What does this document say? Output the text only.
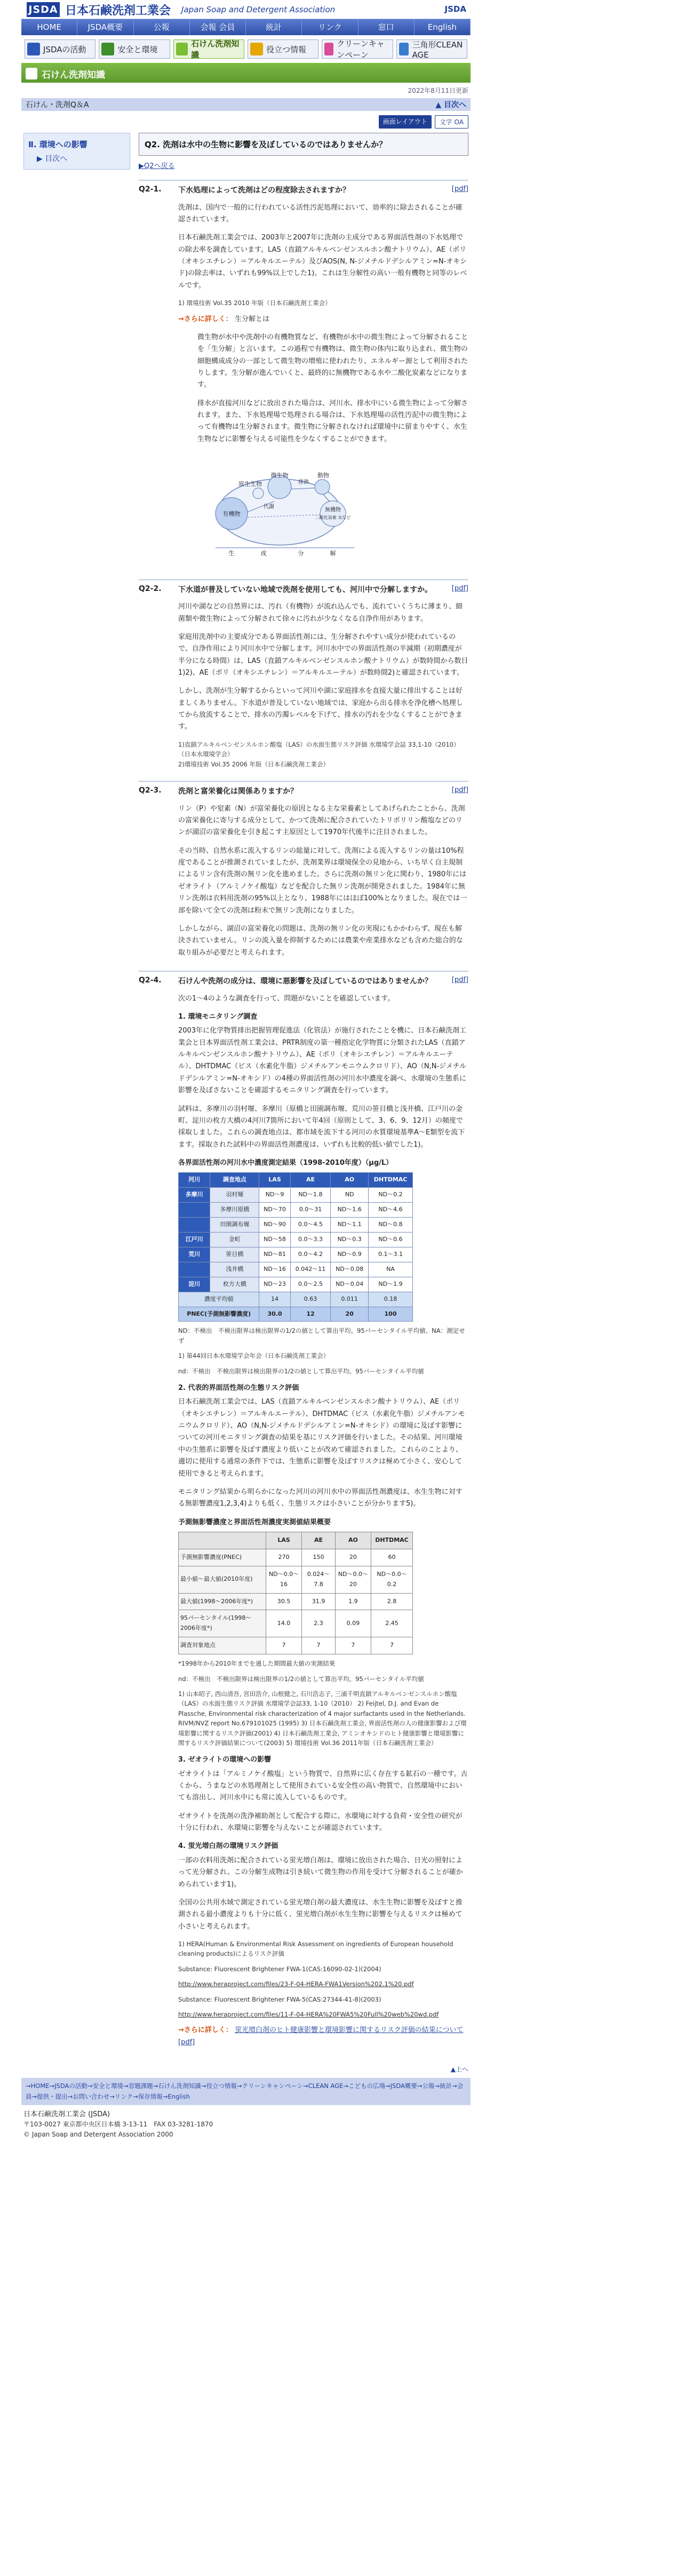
JSDA 日本石鹸洗剤工業会 Japan Soap and Detergent Association	JSDA
HOME	JSDA概要	公報	会報 会員	統計	リンク	窓口	English
JSDAの活動	安全と環境
石けん洗剤知識
役立つ情報
クリーンキャンペーン
三角形CLEAN AGE
石けん洗剤知識
2022年8月11日更新
石けん・洗剤Q＆A	▲ 目次へ
画面レイアウト	文字 OA
Ⅱ. 環境への影響
▶ 目次へ
Q2. 洗剤は水中の生物に影響を及ぼしているのではありませんか？
▶Q2へ戻る
Q2-1.	下水処理によって洗剤はどの程度除去されますか？	[pdf]

洗剤は、国内で一般的に行われている活性汚泥処理において、効率的に除去されることが確認されています。

日本石鹸洗剤工業会では、2003年と2007年に洗剤の主成分である界面活性剤の下水処理での除去率を調査しています。LAS（直鎖アルキルベンゼンスルホン酸ナトリウム）、AE（ポリ（オキシエチレン）＝アルキルエーテル）及びAOS(N, N-ジメチルドデシルアミン=N-オキシド)の除去率は、いずれも99%以上でした1)。これは生分解性の高い一般有機物と同等のレベルです。

1) 環境技術 Vol.35 2010 年版（日本石鹸洗剤工業会）

→さらに詳しく： 生分解とは

微生物が水中や洗剤中の有機物質など、有機物が水中の微生物によって分解されることを「生分解」と言います。この過程で有機物は、微生物の体内に取り込まれ、微生物の細胞構成成分の一部として微生物の増殖に使われたり、エネルギー源として利用されたりします。生分解が進んでいくと、最終的に無機物である水や二酸化炭素などになります。

排水が直接河川などに放出された場合は、河川水、排水中にいる微生物によって分解されます。また、下水処理場で処理される場合は、下水処理場の活性汚泥中の微生物によって有機物は生分解されます。微生物に分解されなければ環境中に留まりやすく、水生生物などに影響を与える可能性を少なくすることができます。

微生物
原生生物
動物
排泄
代謝
有機物
無機物
二酸化炭素 水など
生	成	分	解
Q2-2.	下水道が普及していない地域で洗剤を使用しても、河川中で分解しますか。	[pdf]

河川や湖などの自然界には、汚れ（有機物）が流れ込んでも、流れていくうちに薄まり、細菌類や微生物によって分解されて徐々に汚れが少なくなる自浄作用があります。

家庭用洗剤中の主要成分である界面活性剤には、生分解されやすい成分が使われているので、自浄作用により河川水中で分解します。河川水中での界面活性剤の半減期（初期濃度が半分になる時間）は、LAS（直鎖アルキルベンゼンスルホン酸ナトリウム）が数時間から数日1)2)、AE（ポリ（オキシエチレン）＝アルキルエーテル）が数時間2)と確認されています。

しかし、洗剤が生分解するからといって河川や湖に家庭排水を直接大量に排出することは好ましくありません。下水道が普及していない地域では、家庭から出る排水を浄化槽へ処理してから放流することで、排水の汚濁レベルを下げて、排水の汚れを少なくすることができます。

1)直鎖アルキルベンゼンスルホン酸塩（LAS）の水面生態リスク評価 水環境学会誌 33,1-10（2010）（日本水環境学会）
2)環境技術 Vol.35 2006 年版（日本石鹸洗剤工業会）
Q2-3.	洗剤と富栄養化は関係ありますか？	[pdf]

リン（P）や窒素（N）が富栄養化の原因となる主な栄養素としてあげられたことから、洗剤の富栄養化に寄与する成分として、かつて洗剤に配合されていたトリポリリン酸塩などのリンが湖沼の富栄養化を引き起こす主原因として1970年代後半に注目されました。

その当時、自然水系に流入するリンの総量に対して、洗剤による流入するリンの量は10%程度であることが推測されていましたが、洗剤業界は環境保全の見地から、いち早く自主規制によるリン含有洗剤の無リン化を進めました。さらに洗剤の無リン化に関わり、1980年にはゼオライト（アルミノケイ酸塩）などを配合した無リン洗剤が開発されました。1984年に無リン洗剤は衣料用洗剤の95%以上となり、1988年にはほぼ100%となりました。現在では一部を除いて全ての洗剤は粉末で無リン洗剤になりました。

しかしながら、湖沼の富栄養化の問題は、洗剤の無リン化の実現にもかかわらず、現在も解決されていません。リンの流入量を抑制するためには農業や産業排水なども含めた総合的な取り組みが必要だと考えられます。

Q2-4.	石けんや洗剤の成分は、環境に悪影響を及ぼしているのではありませんか？	[pdf]

次の1〜4のような調査を行って、問題がないことを確認しています。

1. 環境モニタリング調査

2003年に化学物質排出把握管理促進法（化管法）が施行されたことを機に、日本石鹸洗剤工業会と日本界面活性剤工業会は、PRTR制度の第一種指定化学物質に分類されたLAS（直鎖アルキルベンゼンスルホン酸ナトリウム）、AE（ポリ（オキシエチレン）＝アルキルエーテル）、DHTDMAC（ビス（水素化牛脂）ジメチルアンモニウムクロリド）、AO（N,N-ジメチルドデシルアミン=N-オキシド）の4種の界面活性剤の河川水中濃度を調べ、水環境の生態系に影響を及ぼさないことを確認するモニタリング調査を行っています。

試料は、多摩川の羽村堰、多摩川（原橋と田園調布堰、荒川の笹目橋と浅井橋、江戸川の金町、淀川の枚方大橋の4河川7箇所において年4回（原則として、3、6、9、12月）の頻度で採取しました。これらの調査地点は、都市域を流下する河川の水質環境基準A〜E類型を流下ます。採取された試料中の界面活性剤濃度は、いずれも比較的低い値でした1)。

各界面活性剤の河川水中濃度測定結果（1998-2010年度）（μg/L）
河川	調査地点	LAS	AE	AO	DHTDMAC
多摩川	羽村堰	ND〜9	ND〜1.8	ND	ND〜0.2
	多摩川原橋	ND〜70	0.0〜31	ND〜1.6	ND〜4.6
	田園調布堰	ND〜90	0.0〜4.5	ND〜1.1	ND〜0.8
江戸川	金町	ND〜58	0.0〜3.3	ND〜0.3	ND〜0.6
荒川	笹目橋	ND〜81	0.0〜4.2	ND〜0.9	0.1〜3.1
	浅井橋	ND〜16	0.042〜11	ND〜0.08	NA
淀川	枚方大橋	ND〜23	0.0〜2.5	ND〜0.04	ND〜1.9
濃度平均値		14	0.63	0.011	0.18
PNEC(予測無影響濃度)		30.0	12	20	100
ND：不検出　不検出限界は検出限界の1/2の値として算出平均。95パーセンタイル平均値、NA：測定せず
1) 第44回日本水環境学会年会（日本石鹸洗剤工業会）
nd：不検出　不検出限界は検出限界の1/2の値として算出平均。95パーセンタイル平均値
2. 代表的界面活性剤の生態リスク評価

日本石鹸洗剤工業会では、LAS（直鎖アルキルベンゼンスルホン酸ナトリウム）、AE（ポリ（オキシエチレン）＝アルキルエーテル）、DHTDMAC（ビス（水素化牛脂）ジメチルアンモニウムクロリド）、AO（N,N-ジメチルドデシルアミン=N-オキシド）の環境に及ぼす影響についての河川モニタリング調査の結果を基にリスク評価を行いました。その結果、河川環境中の生態系に影響を及ぼす濃度より低いことが改めて確認されました。これらのことより、適切に使用する通常の条件下では、生態系に影響を及ぼすリスクは極めて小さく、安心して使用できると考えられます。

モニタリング結果から明らかになった河川の河川水中の界面活性剤濃度は、水生生物に対する無影響濃度1,2,3,4)よりも低く、生態リスクは小さいことが分かります5)。

予測無影響濃度と界面活性剤濃度実測値結果概要
	LAS	AE	AO	DHTDMAC
予測無影響濃度(PNEC)	270	150	20	60
最小値〜最大値(2010年度)	ND〜0.0〜16	0.024〜7.8	ND〜0.0〜20	ND〜0.0〜0.2
最大値(1998〜2006年度*)	30.5	31.9	1.9	2.8
95パーセンタイル(1998〜2006年度*)	14.0	2.3	0.09	2.45
調査対象地点	7	7	7	7
*1998年から2010年までを通した期間最大値の実測結果
nd：不検出　不検出限界は検出限界の1/2の値として算出平均。95パーセンタイル平均値
1) 山本昭子, 西山清吾, 宮田浩介, 山根健之, 石川浩志子, 三浦千明直鎖アルキルベンゼンスルホン酸塩（LAS）の水面生態リスク評価 水環境学会誌33, 1-10（2010） 2) Feijtel, D.J. and Evan de Plassche, Environmental risk characterization of 4 major surfactants used in the Netherlands. RIVM/NVZ report No.679101025 (1995) 3) 日本石鹸洗剤工業会, 界面活性剤の人の健康影響および環境影響に関するリスク評価(2001) 4) 日本石鹸洗剤工業会, アミンオキシドのヒト健康影響と環境影響に関するリスク評価結果について(2003) 5) 環境技術 Vol.36 2011年版（日本石鹸洗剤工業会）
3. ゼオライトの環境への影響

ゼオライトは「アルミノケイ酸塩」という物質で、自然界に広く存在する鉱石の一種です。古くから、うまなどの水処理剤として使用されている安全性の高い物質で、自然環境中においても溶出し、河川水中にも常に流入しているものです。

ゼオライトを洗剤の洗浄補助剤として配合する際に、水環境に対する負荷・安全性の研究が十分に行われ、水環境に影響を与えないことが確認されています。

4. 蛍光増白剤の環境リスク評価

一部の衣料用洗剤に配合されている蛍光増白剤は、環境に放出された場合、日光の照射によって光分解され、この分解生成物は引き続いて微生物の作用を受けて分解されることが確かめられています1)。

全国の公共用水域で測定されている蛍光増白剤の最大濃度は、水生生物に影響を及ぼすと推測される最小濃度よりも十分に低く、蛍光増白剤が水生生物に影響を与えるリスクは極めて小さいと考えられます。

1) HERA(Human & Environmental Risk Assessment on ingredients of European household cleaning products)によるリスク評価
Substance: Fluorescent Brightener FWA-1(CAS:16090-02-1)(2004)
http://www.heraproject.com/files/23-F-04-HERA-FWA1Version%202.1%20.pdf
Substance: Fluorescent Brightener FWA-5(CAS:27344-41-8)(2003)
http://www.heraproject.com/files/11-F-04-HERA%20FWA5%20Full%20web%20wd.pdf

→さらに詳しく： 蛍光増白剤のヒト健康影響と環境影響に関するリスク評価の結果について[pdf]

▲上へ
→HOME→JSDAの活動→安全と環境→窓題課題→石けん洗剤知識→役立つ情報→クリーンキャンペーン→CLEAN AGE→こどもの広場→JSDA概要→公報→統計→会員→提供・提出→お問い合わせ→リンク→保存情報→English
日本石鹸洗剤工業会 (JSDA)
〒103-0027 東京都中央区日本橋 3-13-11　FAX 03-3281-1870
© Japan Soap and Detergent Association 2000
